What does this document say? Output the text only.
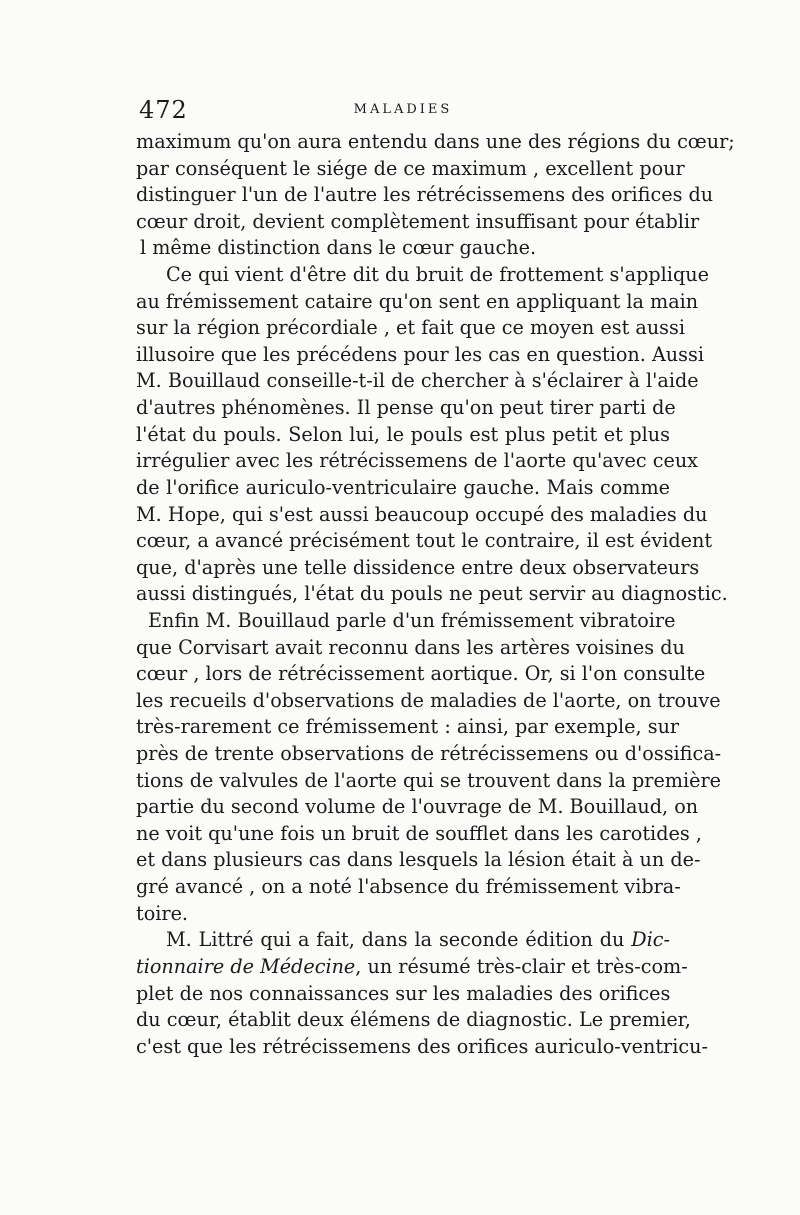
472	MALADIES
maximum qu'on aura entendu dans une des régions du cœur;
par conséquent le siége de ce maximum , excellent pour
distinguer l'un de l'autre les rétrécissemens des orifices du
cœur droit, devient complètement insuffisant pour établir
l même distinction dans le cœur gauche.
Ce qui vient d'être dit du bruit de frottement s'applique
au frémissement cataire qu'on sent en appliquant la main
sur la région précordiale , et fait que ce moyen est aussi
illusoire que les précédens pour les cas en question. Aussi
M. Bouillaud conseille-t-il de chercher à s'éclairer à l'aide
d'autres phénomènes. Il pense qu'on peut tirer parti de
l'état du pouls. Selon lui, le pouls est plus petit et plus
irrégulier avec les rétrécissemens de l'aorte qu'avec ceux
de l'orifice auriculo-ventriculaire gauche. Mais comme
M. Hope, qui s'est aussi beaucoup occupé des maladies du
cœur, a avancé précisément tout le contraire, il est évident
que, d'après une telle dissidence entre deux observateurs
aussi distingués, l'état du pouls ne peut servir au diagnostic.
Enfin M. Bouillaud parle d'un frémissement vibratoire
que Corvisart avait reconnu dans les artères voisines du
cœur , lors de rétrécissement aortique. Or, si l'on consulte
les recueils d'observations de maladies de l'aorte, on trouve
très-rarement ce frémissement : ainsi, par exemple, sur
près de trente observations de rétrécissemens ou d'ossifica-
tions de valvules de l'aorte qui se trouvent dans la première
partie du second volume de l'ouvrage de M. Bouillaud, on
ne voit qu'une fois un bruit de soufflet dans les carotides ,
et dans plusieurs cas dans lesquels la lésion était à un de-
gré avancé , on a noté l'absence du frémissement vibra-
toire.
M. Littré qui a fait, dans la seconde édition du Dic-
tionnaire de Médecine, un résumé très-clair et très-com-
plet de nos connaissances sur les maladies des orifices
du cœur, établit deux élémens de diagnostic. Le premier,
c'est que les rétrécissemens des orifices auriculo-ventricu-
